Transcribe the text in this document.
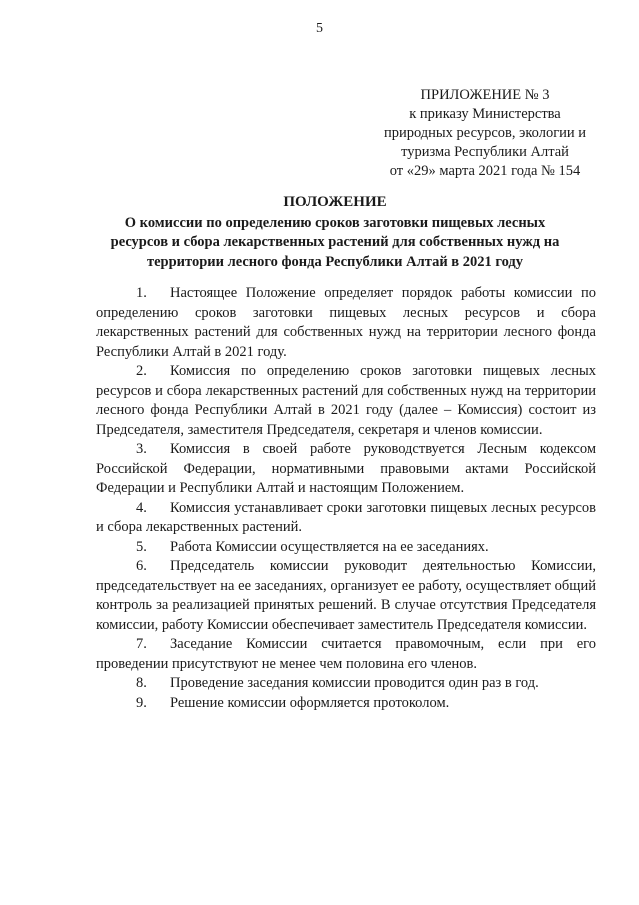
5
ПРИЛОЖЕНИЕ № 3
к приказу Министерства
природных ресурсов, экологии и
туризма Республики Алтай
от «29» марта 2021 года № 154
ПОЛОЖЕНИЕ
О комиссии по определению сроков заготовки пищевых лесных
ресурсов и сбора лекарственных растений для собственных нужд на
территории лесного фонда Республики Алтай в 2021 году

1. Настоящее Положение определяет порядок работы комиссии по определению сроков заготовки пищевых лесных ресурсов и сбора лекарственных растений для собственных нужд на территории лесного фонда Республики Алтай в 2021 году.

2. Комиссия по определению сроков заготовки пищевых лесных ресурсов и сбора лекарственных растений для собственных нужд на территории лесного фонда Республики Алтай в 2021 году (далее – Комиссия) состоит из Председателя, заместителя Председателя, секретаря и членов комиссии.

3. Комиссия в своей работе руководствуется Лесным кодексом Российской Федерации, нормативными правовыми актами Российской Федерации и Республики Алтай и настоящим Положением.

4. Комиссия устанавливает сроки заготовки пищевых лесных ресурсов и сбора лекарственных растений.

5. Работа Комиссии осуществляется на ее заседаниях.

6. Председатель комиссии руководит деятельностью Комиссии, председательствует на ее заседаниях, организует ее работу, осуществляет общий контроль за реализацией принятых решений. В случае отсутствия Председателя комиссии, работу Комиссии обеспечивает заместитель Председателя комиссии.

7. Заседание Комиссии считается правомочным, если при его проведении присутствуют не менее чем половина его членов.

8. Проведение заседания комиссии проводится один раз в год.

9. Решение комиссии оформляется протоколом.
